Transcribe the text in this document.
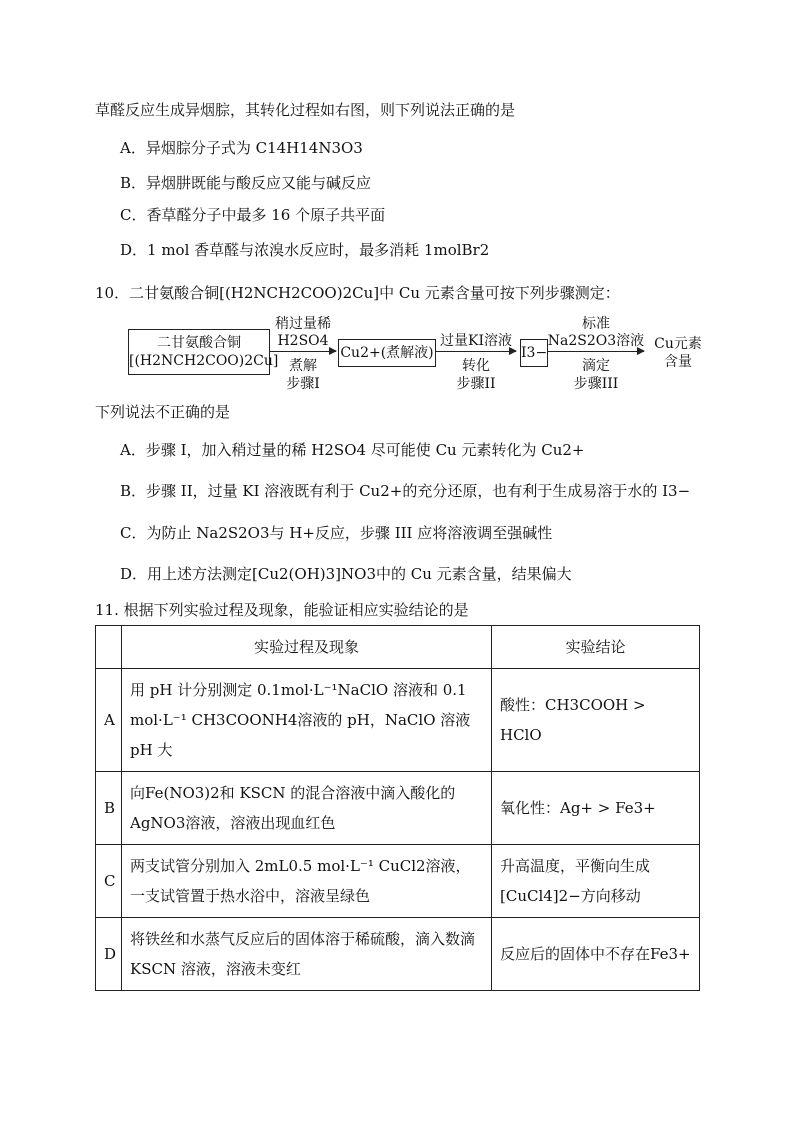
草醛反应生成异烟腙，其转化过程如右图，则下列说法正确的是
A．异烟腙分子式为 C14H14N3O3
B．异烟肼既能与酸反应又能与碱反应
C．香草醛分子中最多 16 个原子共平面
D．1 mol 香草醛与浓溴水反应时，最多消耗 1molBr2
10．二甘氨酸合铜[(H2NCH2COO)2Cu]中 Cu 元素含量可按下列步骤测定：
二甘氨酸合铜
[(H2NCH2COO)2Cu]
稍过量稀
H2SO4
煮解
步骤I
Cu2+(煮解液)
过量KI溶液
转化
步骤II
I3−
标准
Na2S2O3溶液
滴定
步骤III
Cu元素
含量
下列说法不正确的是
A．步骤 I，加入稍过量的稀 H2SO4 尽可能使 Cu 元素转化为 Cu2+
B．步骤 II，过量 KI 溶液既有利于 Cu2+的充分还原，也有利于生成易溶于水的 I3−
C．为防止 Na2S2O3与 H+反应，步骤 III 应将溶液调至强碱性
D．用上述方法测定[Cu2(OH)3]NO3中的 Cu 元素含量，结果偏大
11. 根据下列实验过程及现象，能验证相应实验结论的是
	实验过程及现象	实验结论
A	用 pH 计分别测定 0.1mol·L⁻¹NaClO 溶液和 0.1 mol·L⁻¹ CH3COONH4溶液的 pH，NaClO 溶液 pH 大	酸性：CH3COOH > HClO
B	向Fe(NO3)2和 KSCN 的混合溶液中滴入酸化的 AgNO3溶液，溶液出现血红色	氧化性：Ag+ > Fe3+
C	两支试管分别加入 2mL0.5 mol·L⁻¹ CuCl2溶液，一支试管置于热水浴中，溶液呈绿色	升高温度，平衡向生成[CuCl4]2−方向移动
D	将铁丝和水蒸气反应后的固体溶于稀硫酸，滴入数滴 KSCN 溶液，溶液未变红	反应后的固体中不存在Fe3+
